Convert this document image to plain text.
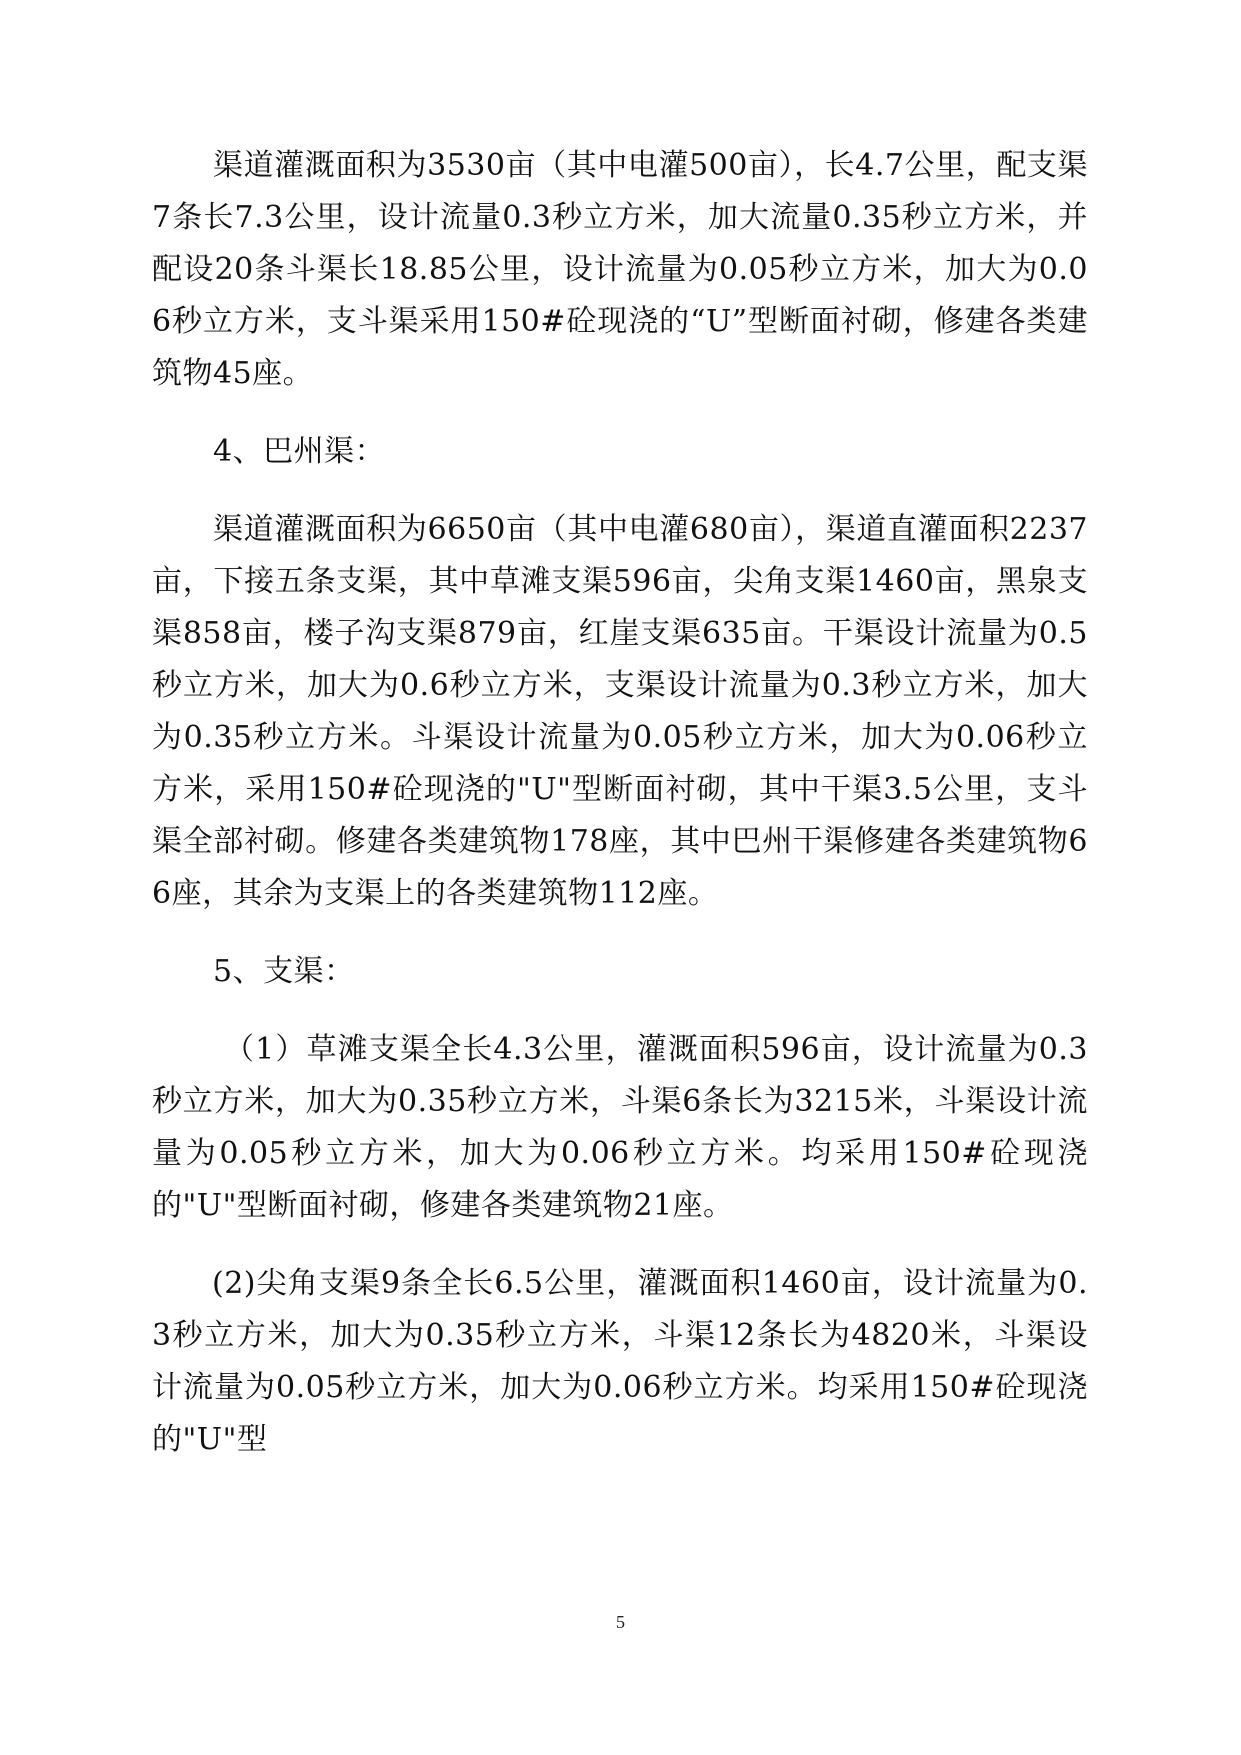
渠道灌溉面积为3530亩（其中电灌500亩），长4.7公里，配支渠7条长7.3公里，设计流量0.3秒立方米，加大流量0.35秒立方米，并配设20条斗渠长18.85公里，设计流量为0.05秒立方米，加大为0.06秒立方米，支斗渠采用150#砼现浇的“U”型断面衬砌，修建各类建筑物45座。

4、巴州渠：

渠道灌溉面积为6650亩（其中电灌680亩），渠道直灌面积2237亩，下接五条支渠，其中草滩支渠596亩，尖角支渠1460亩，黑泉支渠858亩，楼子沟支渠879亩，红崖支渠635亩。干渠设计流量为0.5秒立方米，加大为0.6秒立方米，支渠设计流量为0.3秒立方米，加大为0.35秒立方米。斗渠设计流量为0.05秒立方米，加大为0.06秒立方米，采用150#砼现浇的"U"型断面衬砌，其中干渠3.5公里，支斗渠全部衬砌。修建各类建筑物178座，其中巴州干渠修建各类建筑物66座，其余为支渠上的各类建筑物112座。

5、支渠：

（1）草滩支渠全长4.3公里，灌溉面积596亩，设计流量为0.3秒立方米，加大为0.35秒立方米，斗渠6条长为3215米，斗渠设计流量为0.05秒立方米，加大为0.06秒立方米。均采用150#砼现浇的"U"型断面衬砌，修建各类建筑物21座。

(2)尖角支渠9条全长6.5公里，灌溉面积1460亩，设计流量为0.3秒立方米，加大为0.35秒立方米，斗渠12条长为4820米，斗渠设计流量为0.05秒立方米，加大为0.06秒立方米。均采用150#砼现浇的"U"型

5
